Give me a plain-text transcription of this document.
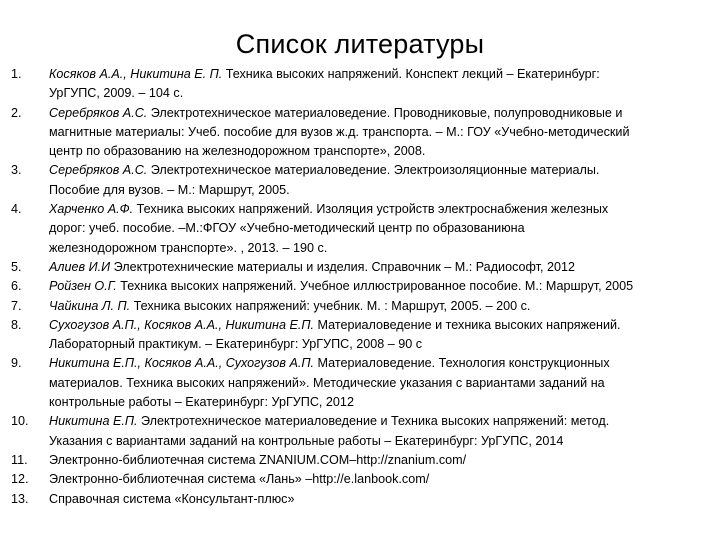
Список литературы
1. Косяков А.А., Никитина Е. П. Техника высоких напряжений. Конспект лекций – Екатеринбург:
УрГУПС, 2009. – 104 с.
2. Серебряков А.С. Электротехническое материаловедение. Проводниковые, полупроводниковые и
магнитные материалы: Учеб. пособие для вузов ж.д. транспорта. – М.: ГОУ «Учебно-методический
центр по образованию на железнодорожном транспорте», 2008.
3. Серебряков А.С. Электротехническое материаловедение. Электроизоляционные материалы.
Пособие для вузов. – М.: Маршрут, 2005.
4. Харченко А.Ф. Техника высоких напряжений. Изоляция устройств электроснабжения железных
дорог: учеб. пособие. –М.:ФГОУ «Учебно-методический центр по образованиюна
железнодорожном транспорте». , 2013. – 190 с.
5. Алиев И.И Электротехнические материалы и изделия. Справочник – М.: Радиософт, 2012
6. Ройзен О.Г. Техника высоких напряжений. Учебное иллюстрированное пособие. М.: Маршрут, 2005
7. Чайкина Л. П. Техника высоких напряжений: учебник. М. : Маршрут, 2005. – 200 с.
8. Сухогузов А.П., Косяков А.А., Никитина Е.П. Материаловедение и техника высоких напряжений.
Лабораторный практикум. – Екатеринбург: УрГУПС, 2008 – 90 с
9. Никитина Е.П., Косяков А.А., Сухогузов А.П. Материаловедение. Технология конструкционных
материалов. Техника высоких напряжений». Методические указания с вариантами заданий на
контрольные работы – Екатеринбург: УрГУПС, 2012
10. Никитина Е.П. Электротехническое материаловедение и Техника высоких напряжений: метод.
Указания с вариантами заданий на контрольные работы – Екатеринбург: УрГУПС, 2014
11. Электронно-библиотечная система ZNANIUM.COM–http://znanium.com/
12. Электронно-библиотечная система «Лань» –http://e.lanbook.com/
13. Справочная система «Консультант-плюс»
